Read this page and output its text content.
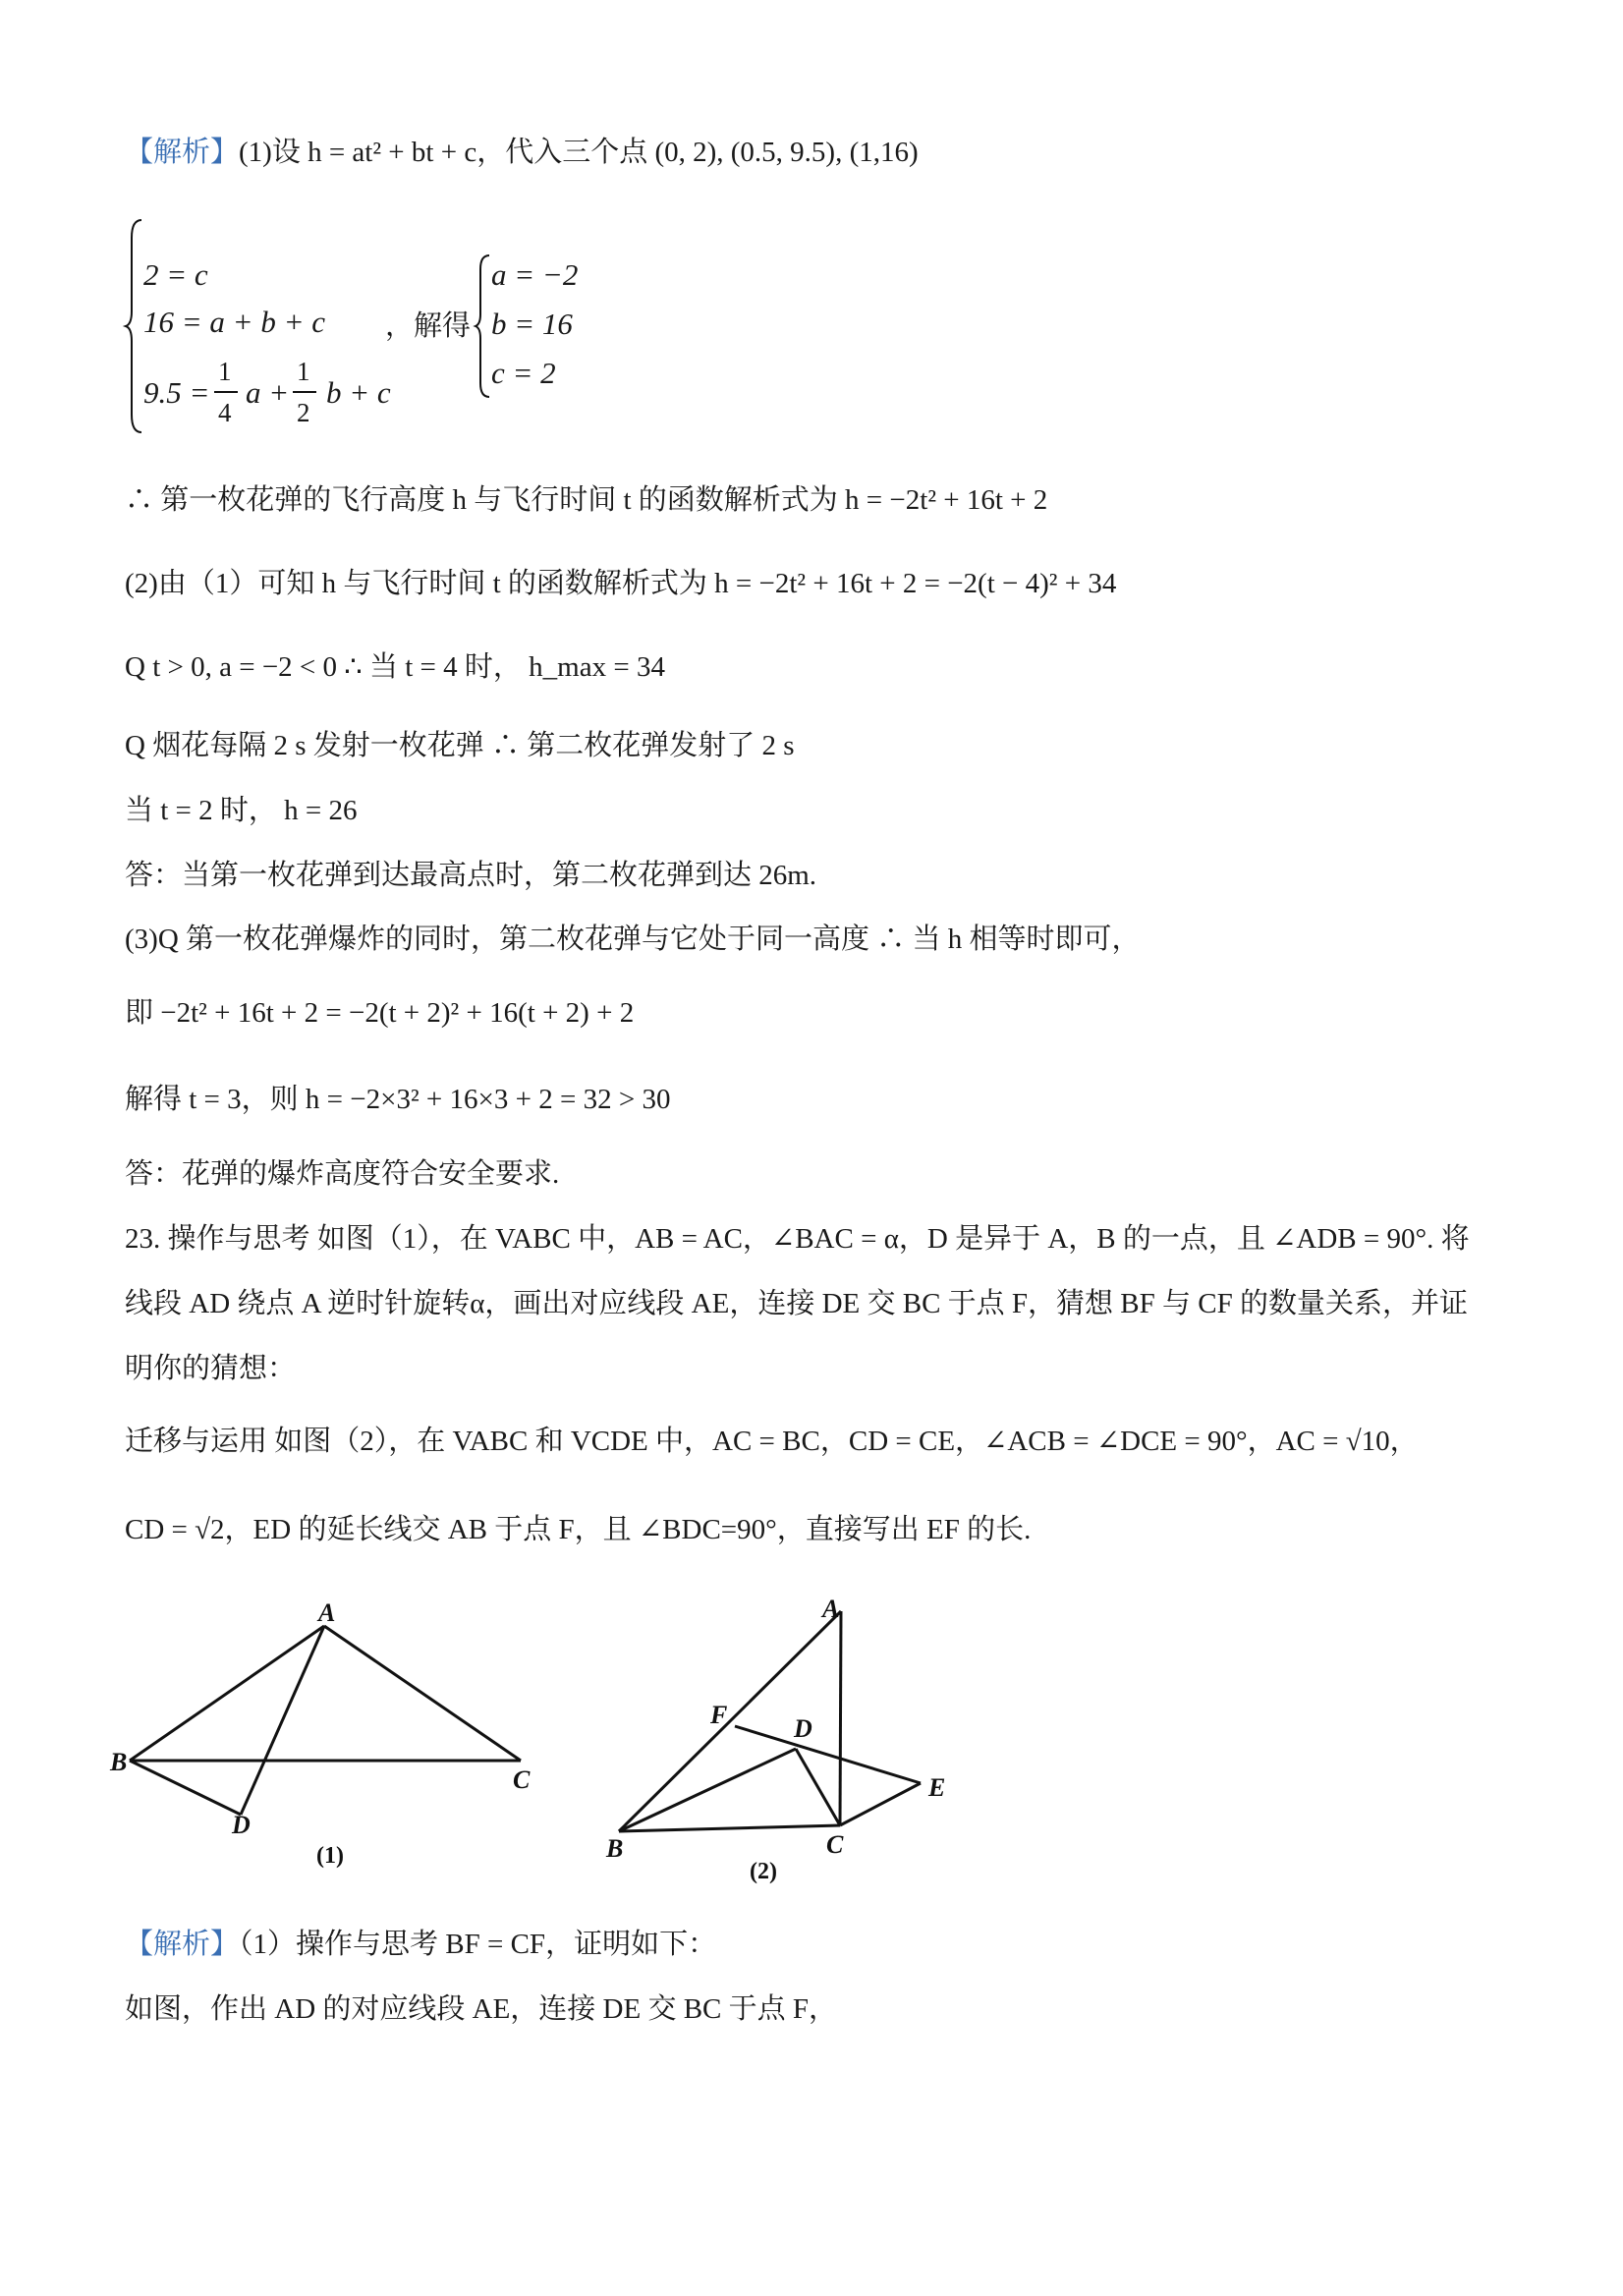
【解析】(1)设 h = at² + bt + c，代入三个点 (0, 2), (0.5, 9.5), (1,16)
2 = c
16 = a + b + c
9.5 =
1
4
a +
1
2
b + c
，解得
a = −2
b = 16
c = 2
∴ 第一枚花弹的飞行高度 h 与飞行时间 t 的函数解析式为 h = −2t² + 16t + 2
(2)由（1）可知 h 与飞行时间 t 的函数解析式为 h = −2t² + 16t + 2 = −2(t − 4)² + 34
Q t > 0, a = −2 < 0 ∴ 当 t = 4 时， h_max = 34
Q 烟花每隔 2 s 发射一枚花弹 ∴ 第二枚花弹发射了 2 s
当 t = 2 时， h = 26
答：当第一枚花弹到达最高点时，第二枚花弹到达 26m.
(3)Q 第一枚花弹爆炸的同时，第二枚花弹与它处于同一高度 ∴ 当 h 相等时即可，
即 −2t² + 16t + 2 = −2(t + 2)² + 16(t + 2) + 2
解得 t = 3，则 h = −2×3² + 16×3 + 2 = 32 > 30
答：花弹的爆炸高度符合安全要求.
23. 操作与思考 如图（1），在 VABC 中，AB = AC，∠BAC = α，D 是异于 A，B 的一点，且 ∠ADB = 90°. 将
线段 AD 绕点 A 逆时针旋转α，画出对应线段 AE，连接 DE 交 BC 于点 F，猜想 BF 与 CF 的数量关系，并证
明你的猜想：
迁移与运用 如图（2），在 VABC 和 VCDE 中，AC = BC，CD = CE，∠ACB = ∠DCE = 90°，AC = √10，
CD = √2，ED 的延长线交 AB 于点 F，且 ∠BDC=90°，直接写出 EF 的长.
A
B
C
D
(1)
A
B	C
D
E
F
(2)
【解析】（1）操作与思考 BF = CF，证明如下：
如图，作出 AD 的对应线段 AE，连接 DE 交 BC 于点 F，
